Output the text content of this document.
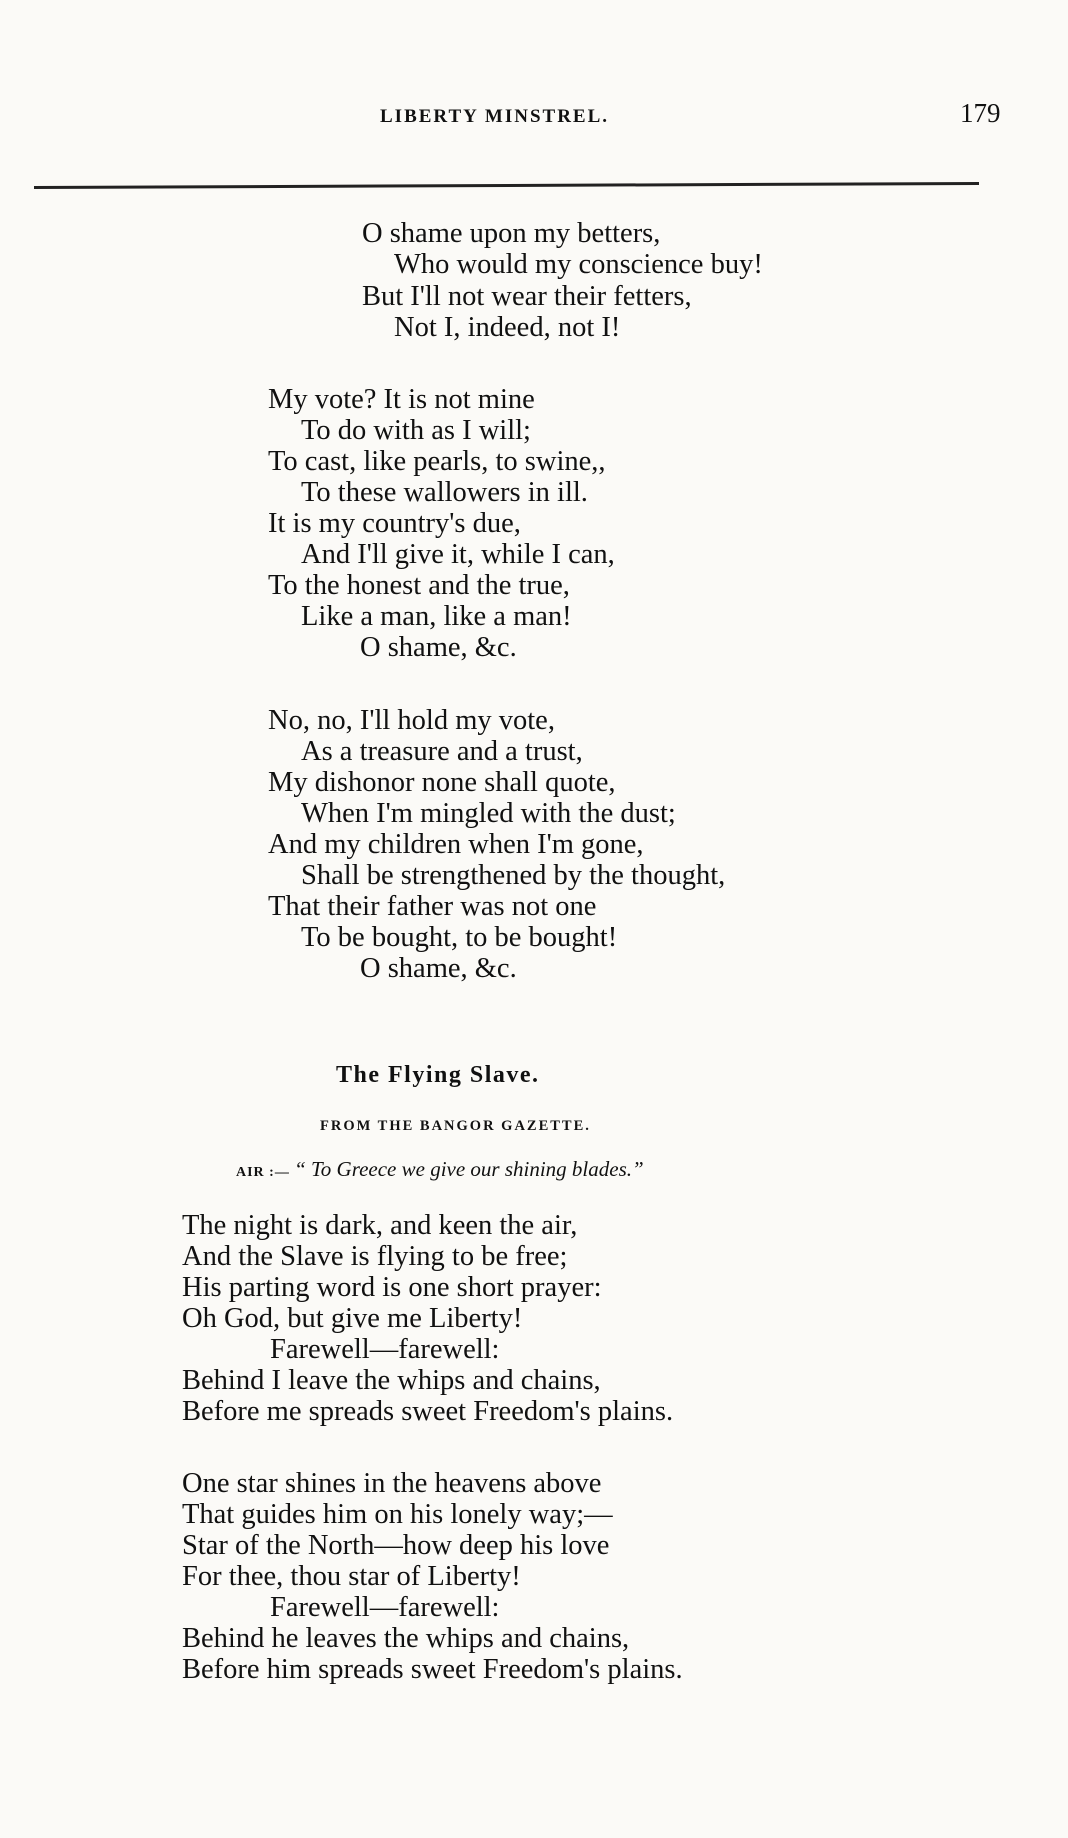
LIBERTY MINSTREL.	179
O shame upon my betters,
Who would my conscience buy!
But I'll not wear their fetters,
Not I, indeed, not I!
My vote? It is not mine
To do with as I will;
To cast, like pearls, to swine,,
To these wallowers in ill.
It is my country's due,
And I'll give it, while I can,
To the honest and the true,
Like a man, like a man!
O shame, &c.
No, no, I'll hold my vote,
As a treasure and a trust,
My dishonor none shall quote,
When I'm mingled with the dust;
And my children when I'm gone,
Shall be strengthened by the thought,
That their father was not one
To be bought, to be bought!
O shame, &c.
The Flying Slave.
FROM THE BANGOR GAZETTE.
AIR :— “ To Greece we give our shining blades.”
The night is dark, and keen the air,
And the Slave is flying to be free;
His parting word is one short prayer:
Oh God, but give me Liberty!
Farewell—farewell:
Behind I leave the whips and chains,
Before me spreads sweet Freedom's plains.
One star shines in the heavens above
That guides him on his lonely way;—
Star of the North—how deep his love
For thee, thou star of Liberty!
Farewell—farewell:
Behind he leaves the whips and chains,
Before him spreads sweet Freedom's plains.
